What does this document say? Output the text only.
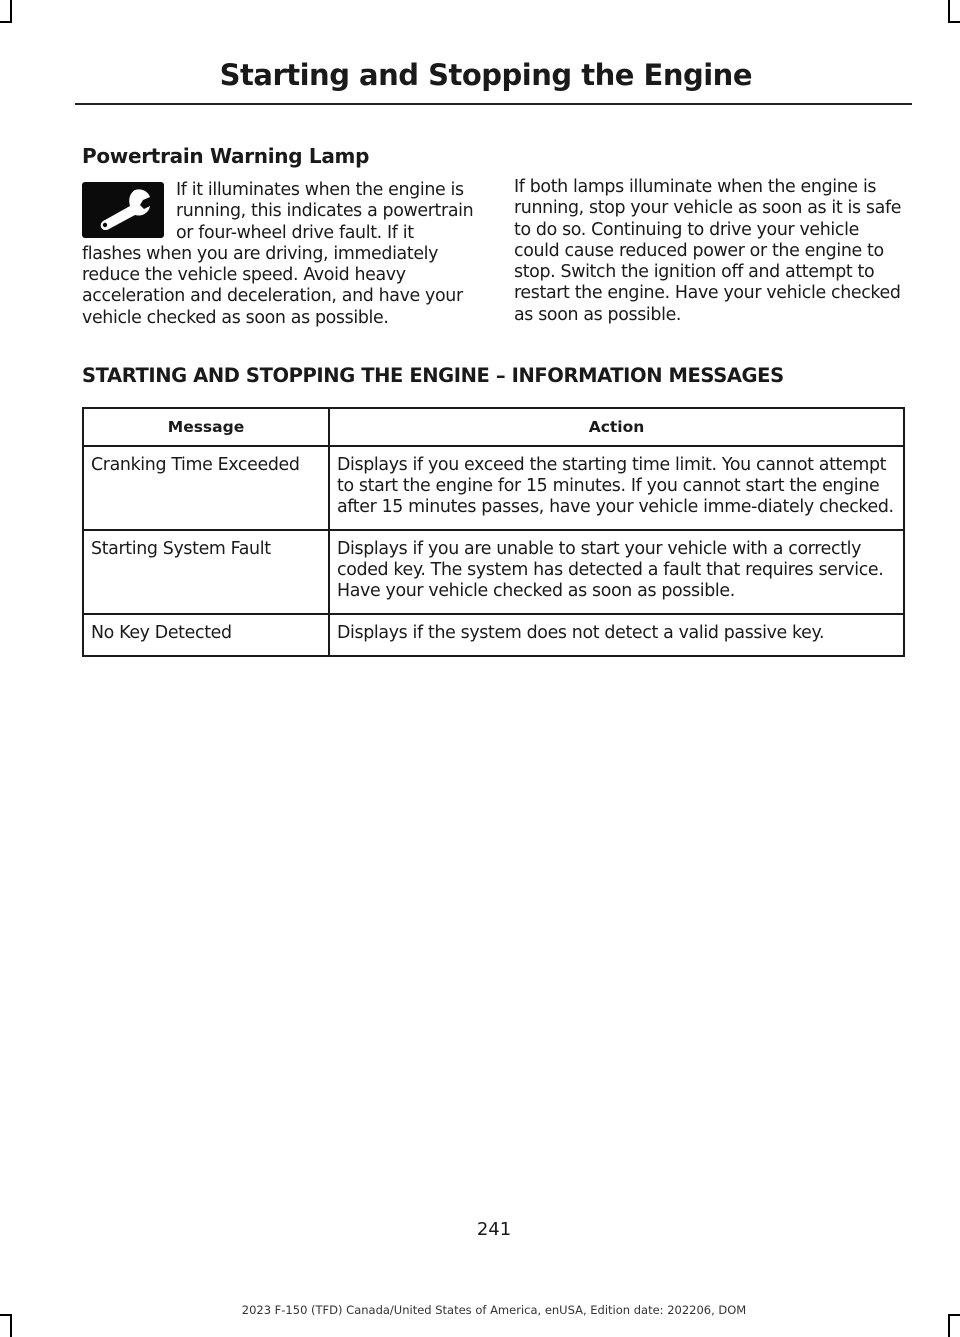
Starting and Stopping the Engine
Powertrain Warning Lamp

If it illuminates when the engine is running, this indicates a powertrain or four-wheel drive fault. If it flashes when you are driving, immediately reduce the vehicle speed. Avoid heavy acceleration and deceleration, and have your vehicle checked as soon as possible.

If both lamps illuminate when the engine is running, stop your vehicle as soon as it is safe to do so. Continuing to drive your vehicle could cause reduced power or the engine to stop. Switch the ignition off and attempt to restart the engine. Have your vehicle checked as soon as possible.

STARTING AND STOPPING THE ENGINE – INFORMATION MESSAGES
Message	Action
Cranking Time Exceeded	Displays if you exceed the starting time limit. You cannot attempt to start the engine for 15 minutes. If you cannot start the engine after 15 minutes passes, have your vehicle imme-diately checked.
Starting System Fault	Displays if you are unable to start your vehicle with a correctly coded key. The system has detected a fault that requires service. Have your vehicle checked as soon as possible.
No Key Detected	Displays if the system does not detect a valid passive key.
241
2023 F-150 (TFD) Canada/United States of America, enUSA, Edition date: 202206, DOM
